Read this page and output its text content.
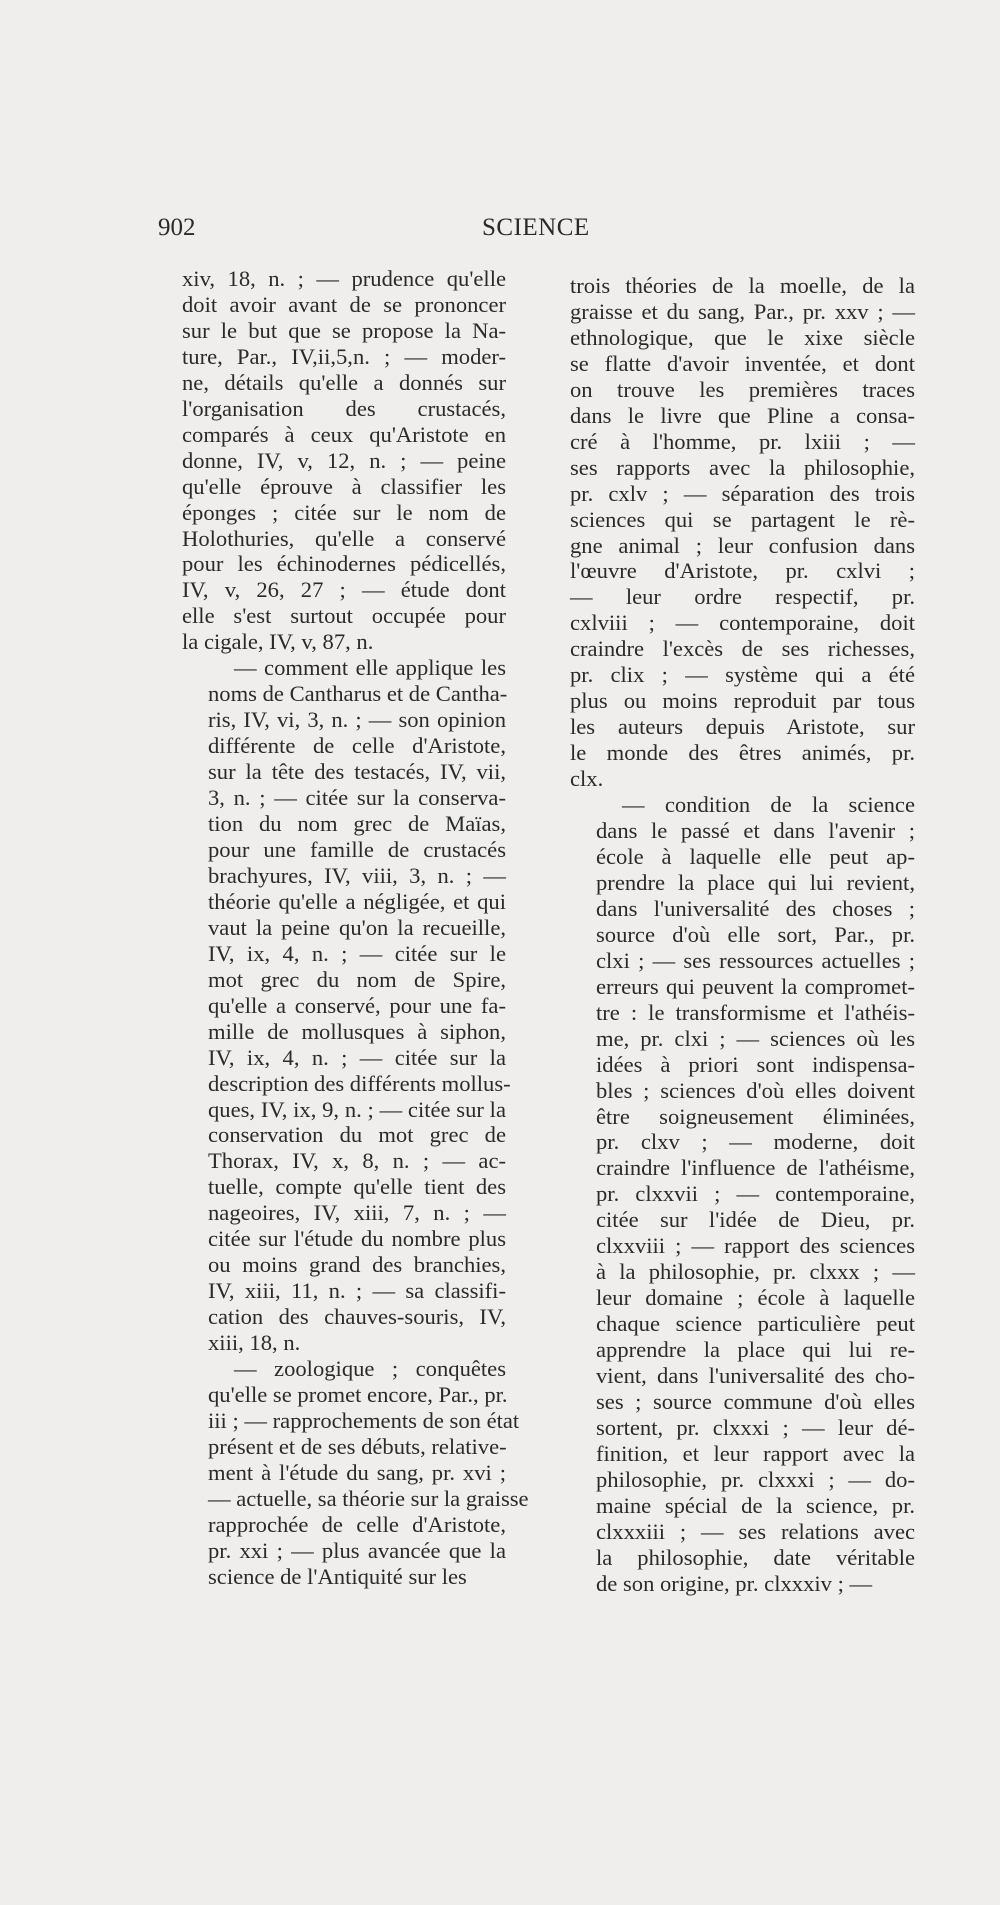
902	SCIENCE
xiv, 18, n. ; — prudence qu'elle
doit avoir avant de se prononcer
sur le but que se propose la Na-
ture, Par., IV,ii,5,n. ; — moder-
ne, détails qu'elle a donnés sur
l'organisation des crustacés,
comparés à ceux qu'Aristote en
donne, IV, v, 12, n. ; — peine
qu'elle éprouve à classifier les
éponges ; citée sur le nom de
Holothuries, qu'elle a conservé
pour les échinodernes pédicellés,
IV, v, 26, 27 ; — étude dont
elle s'est surtout occupée pour
la cigale, IV, v, 87, n.
— comment elle applique les
noms de Cantharus et de Cantha-
ris, IV, vi, 3, n. ; — son opinion
différente de celle d'Aristote,
sur la tête des testacés, IV, vii,
3, n. ; — citée sur la conserva-
tion du nom grec de Maïas,
pour une famille de crustacés
brachyures, IV, viii, 3, n. ; —
théorie qu'elle a négligée, et qui
vaut la peine qu'on la recueille,
IV, ix, 4, n. ; — citée sur le
mot grec du nom de Spire,
qu'elle a conservé, pour une fa-
mille de mollusques à siphon,
IV, ix, 4, n. ; — citée sur la
description des différents mollus-
ques, IV, ix, 9, n. ; — citée sur la
conservation du mot grec de
Thorax, IV, x, 8, n. ; — ac-
tuelle, compte qu'elle tient des
nageoires, IV, xiii, 7, n. ; —
citée sur l'étude du nombre plus
ou moins grand des branchies,
IV, xiii, 11, n. ; — sa classifi-
cation des chauves-souris, IV,
xiii, 18, n.
— zoologique ; conquêtes
qu'elle se promet encore, Par., pr.
iii ; — rapprochements de son état
présent et de ses débuts, relative-
ment à l'étude du sang, pr. xvi ;
— actuelle, sa théorie sur la graisse
rapprochée de celle d'Aristote,
pr. xxi ; — plus avancée que la
science de l'Antiquité sur les
trois théories de la moelle, de la
graisse et du sang, Par., pr. xxv ; —
ethnologique, que le xixe siècle
se flatte d'avoir inventée, et dont
on trouve les premières traces
dans le livre que Pline a consa-
cré à l'homme, pr. lxiii ; —
ses rapports avec la philosophie,
pr. cxlv ; — séparation des trois
sciences qui se partagent le rè-
gne animal ; leur confusion dans
l'œuvre d'Aristote, pr. cxlvi ;
— leur ordre respectif, pr.
cxlviii ; — contemporaine, doit
craindre l'excès de ses richesses,
pr. clix ; — système qui a été
plus ou moins reproduit par tous
les auteurs depuis Aristote, sur
le monde des êtres animés, pr.
clx.
— condition de la science
dans le passé et dans l'avenir ;
école à laquelle elle peut ap-
prendre la place qui lui revient,
dans l'universalité des choses ;
source d'où elle sort, Par., pr.
clxi ; — ses ressources actuelles ;
erreurs qui peuvent la compromet-
tre : le transformisme et l'athéis-
me, pr. clxi ; — sciences où les
idées à priori sont indispensa-
bles ; sciences d'où elles doivent
être soigneusement éliminées,
pr. clxv ; — moderne, doit
craindre l'influence de l'athéisme,
pr. clxxvii ; — contemporaine,
citée sur l'idée de Dieu, pr.
clxxviii ; — rapport des sciences
à la philosophie, pr. clxxx ; —
leur domaine ; école à laquelle
chaque science particulière peut
apprendre la place qui lui re-
vient, dans l'universalité des cho-
ses ; source commune d'où elles
sortent, pr. clxxxi ; — leur dé-
finition, et leur rapport avec la
philosophie, pr. clxxxi ; — do-
maine spécial de la science, pr.
clxxxiii ; — ses relations avec
la philosophie, date véritable
de son origine, pr. clxxxiv ; —
